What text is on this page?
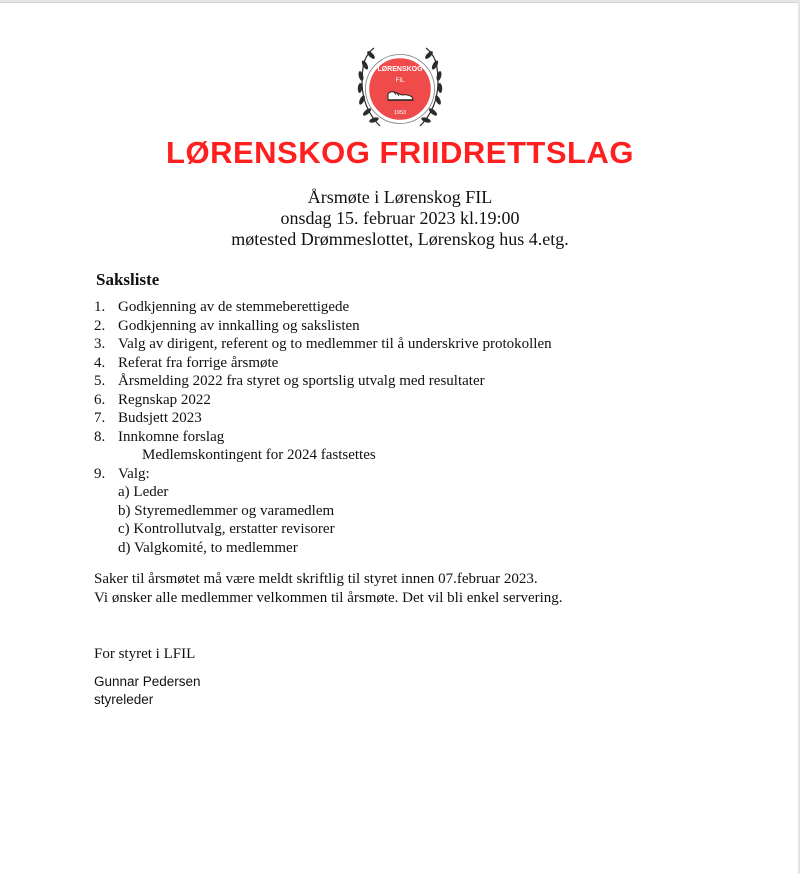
LØRENSKOG
FIL
1953
LØRENSKOG FRIIDRETTSLAG
Årsmøte i Lørenskog FIL
onsdag 15. februar 2023 kl.19:00
møtested Drømmeslottet, Lørenskog hus 4.etg.
Saksliste
1. Godkjenning av de stemmeberettigede
2. Godkjenning av innkalling og sakslisten
3. Valg av dirigent, referent og to medlemmer til å underskrive protokollen
4. Referat fra forrige årsmøte
5. Årsmelding 2022 fra styret og sportslig utvalg med resultater
6. Regnskap 2022
7. Budsjett 2023
8. Innkomne forslag
Medlemskontingent for 2024 fastsettes
9. Valg:
a) Leder
b) Styremedlemmer og varamedlem
c) Kontrollutvalg, erstatter revisorer
d) Valgkomité, to medlemmer
Saker til årsmøtet må være meldt skriftlig til styret innen 07.februar 2023.
Vi ønsker alle medlemmer velkommen til årsmøte. Det vil bli enkel servering.
For styret i LFIL
Gunnar Pedersen
styreleder
